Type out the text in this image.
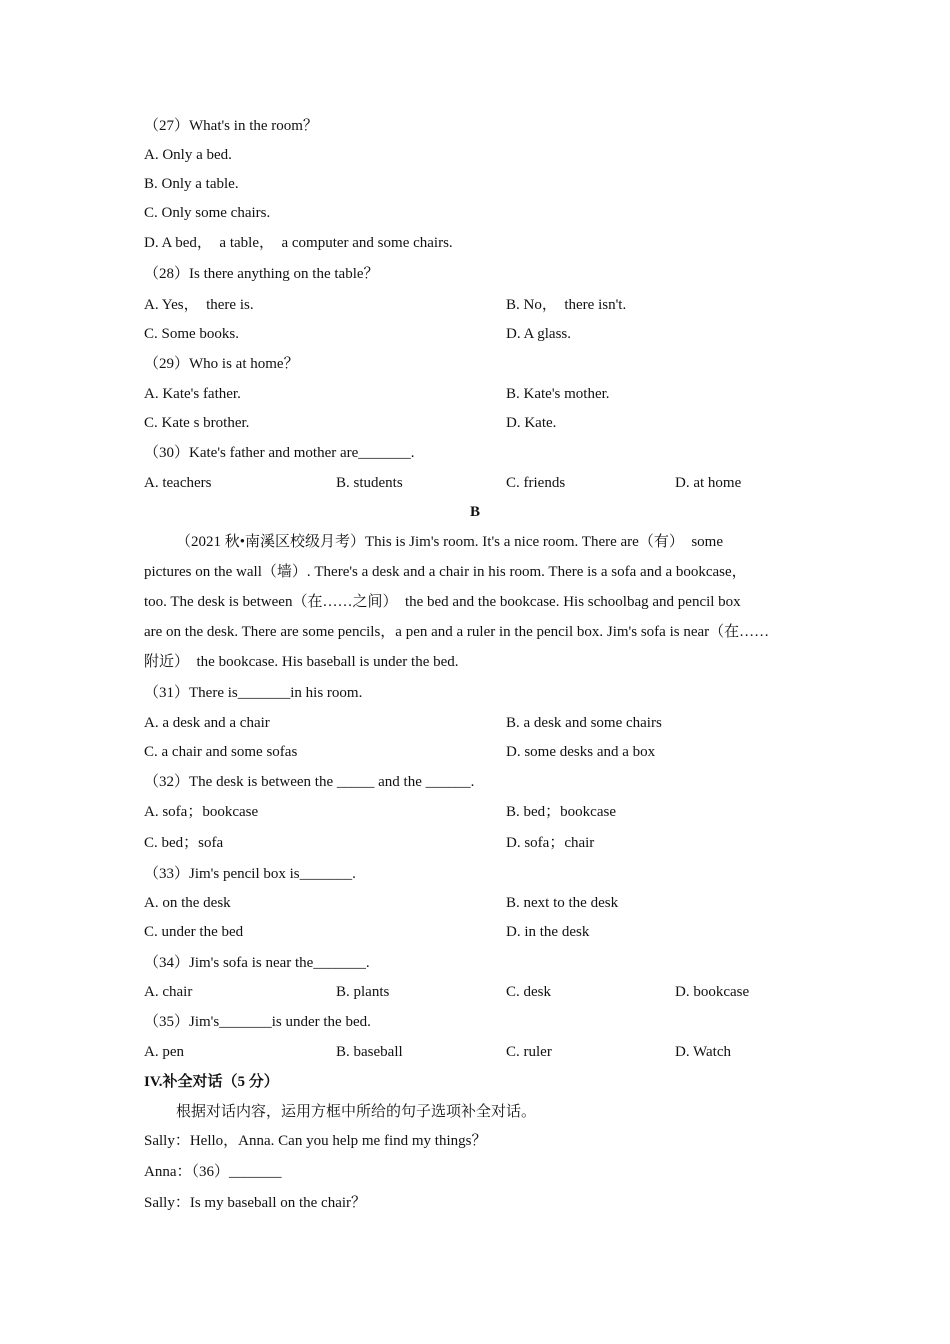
（27）What's in the room？
A. Only a bed.
B. Only a table.
C. Only some chairs.
D. A bed，　a table，　a computer and some chairs.
（28）Is there anything on the table？
A. Yes，　there is.	B. No，　there isn't.
C. Some books.	D. A glass.
（29）Who is at home？
A. Kate's father.	B. Kate's mother.
C. Kate s brother.	D. Kate.
（30）Kate's father and mother are_______.
A. teachers	B. students	C. friends	D. at home
B
（2021 秋•南溪区校级月考）This is Jim's room. It's a nice room. There are（有）　some
pictures on the wall（墙）. There's a desk and a chair in his room. There is a sofa and a bookcase，
too. The desk is between（在……之间）　the bed and the bookcase. His schoolbag and pencil box
are on the desk. There are some pencils，a pen and a ruler in the pencil box. Jim's sofa is near（在……
附近）　the bookcase. His baseball is under the bed.
（31）There is_______in his room.
A. a desk and a chair	B. a desk and some chairs
C. a chair and some sofas	D. some desks and a box
（32）The desk is between the _____ and the ______.
A. sofa；bookcase	B. bed；bookcase
C. bed；sofa	D. sofa；chair
（33）Jim's pencil box is_______.
A. on the desk	B. next to the desk
C. under the bed	D. in the desk
（34）Jim's sofa is near the_______.
A. chair	B. plants	C. desk	D. bookcase
（35）Jim's_______is under the bed.
A. pen	B. baseball	C. ruler	D. Watch
IV.补全对话（5 分）
根据对话内容，运用方框中所给的句子选项补全对话。
Sally：Hello，Anna. Can you help me find my things？
Anna：（36）_______
Sally：Is my baseball on the chair？
